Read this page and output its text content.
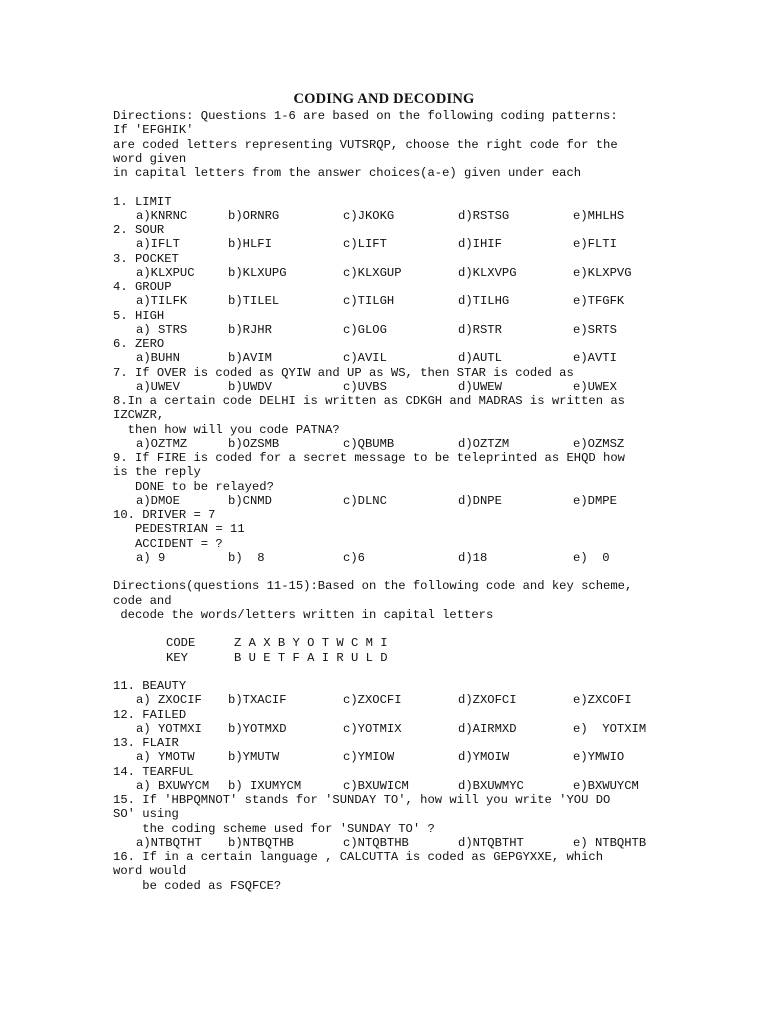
CODING AND DECODING
Directions: Questions 1-6 are based on the following coding patterns:
If 'EFGHIK'
are coded letters representing VUTSRQP, choose the right code for the
word given
in capital letters from the answer choices(a-e) given under each
1. LIMIT
a)KNRNC	b)ORNRG	c)JKOKG	d)RSTSG	e)MHLHS
2. SOUR
a)IFLT	b)HLFI	c)LIFT	d)IHIF	e)FLTI
3. POCKET
a)KLXPUC	b)KLXUPG	c)KLXGUP	d)KLXVPG	e)KLXPVG
4. GROUP
a)TILFK	b)TILEL	c)TILGH	d)TILHG	e)TFGFK
5. HIGH
a) STRS	b)RJHR	c)GLOG	d)RSTR	e)SRTS
6. ZERO
a)BUHN	b)AVIM	c)AVIL	d)AUTL	e)AVTI
7. If OVER is coded as QYIW and UP as WS, then STAR is coded as
a)UWEV	b)UWDV	c)UVBS	d)UWEW	e)UWEX
8.In a certain code DELHI is written as CDKGH and MADRAS is written as
IZCWZR,
then how will you code PATNA?
a)OZTMZ	b)OZSMB	c)QBUMB	d)OZTZM	e)OZMSZ
9. If FIRE is coded for a secret message to be teleprinted as EHQD how
is the reply
DONE to be relayed?
a)DMOE	b)CNMD	c)DLNC	d)DNPE	e)DMPE
10. DRIVER = 7
PEDESTRIAN = 11
ACCIDENT = ?
a) 9	b)  8	c)6	d)18	e)  0
Directions(questions 11-15):Based on the following code and key scheme,
code and
decode the words/letters written in capital letters
CODE	Z A X B Y O T W C M I
KEY	B U E T F A I R U L D
11. BEAUTY
a) ZXOCIF b)TXACIF	c)ZXOCFI	d)ZXOFCI	e)ZXCOFI
12. FAILED
a) YOTMXI b)YOTMXD	c)YOTMIX	d)AIRMXD	e)  YOTXIM
13. FLAIR
a) YMOTW	b)YMUTW	c)YMIOW	d)YMOIW	e)YMWIO
14. TEARFUL
a) BXUWYCM b) IXUMYCM	c)BXUWICM	d)BXUWMYC	e)BXWUYCM
15. If 'HBPQMNOT' stands for 'SUNDAY TO', how will you write 'YOU DO
SO' using
the coding scheme used for 'SUNDAY TO' ?
a)NTBQTHT b)NTBQTHB	c)NTQBTHB	d)NTQBTHT	e) NTBQHTB
16. If in a certain language , CALCUTTA is coded as GEPGYXXE, which
word would
be coded as FSQFCE?
